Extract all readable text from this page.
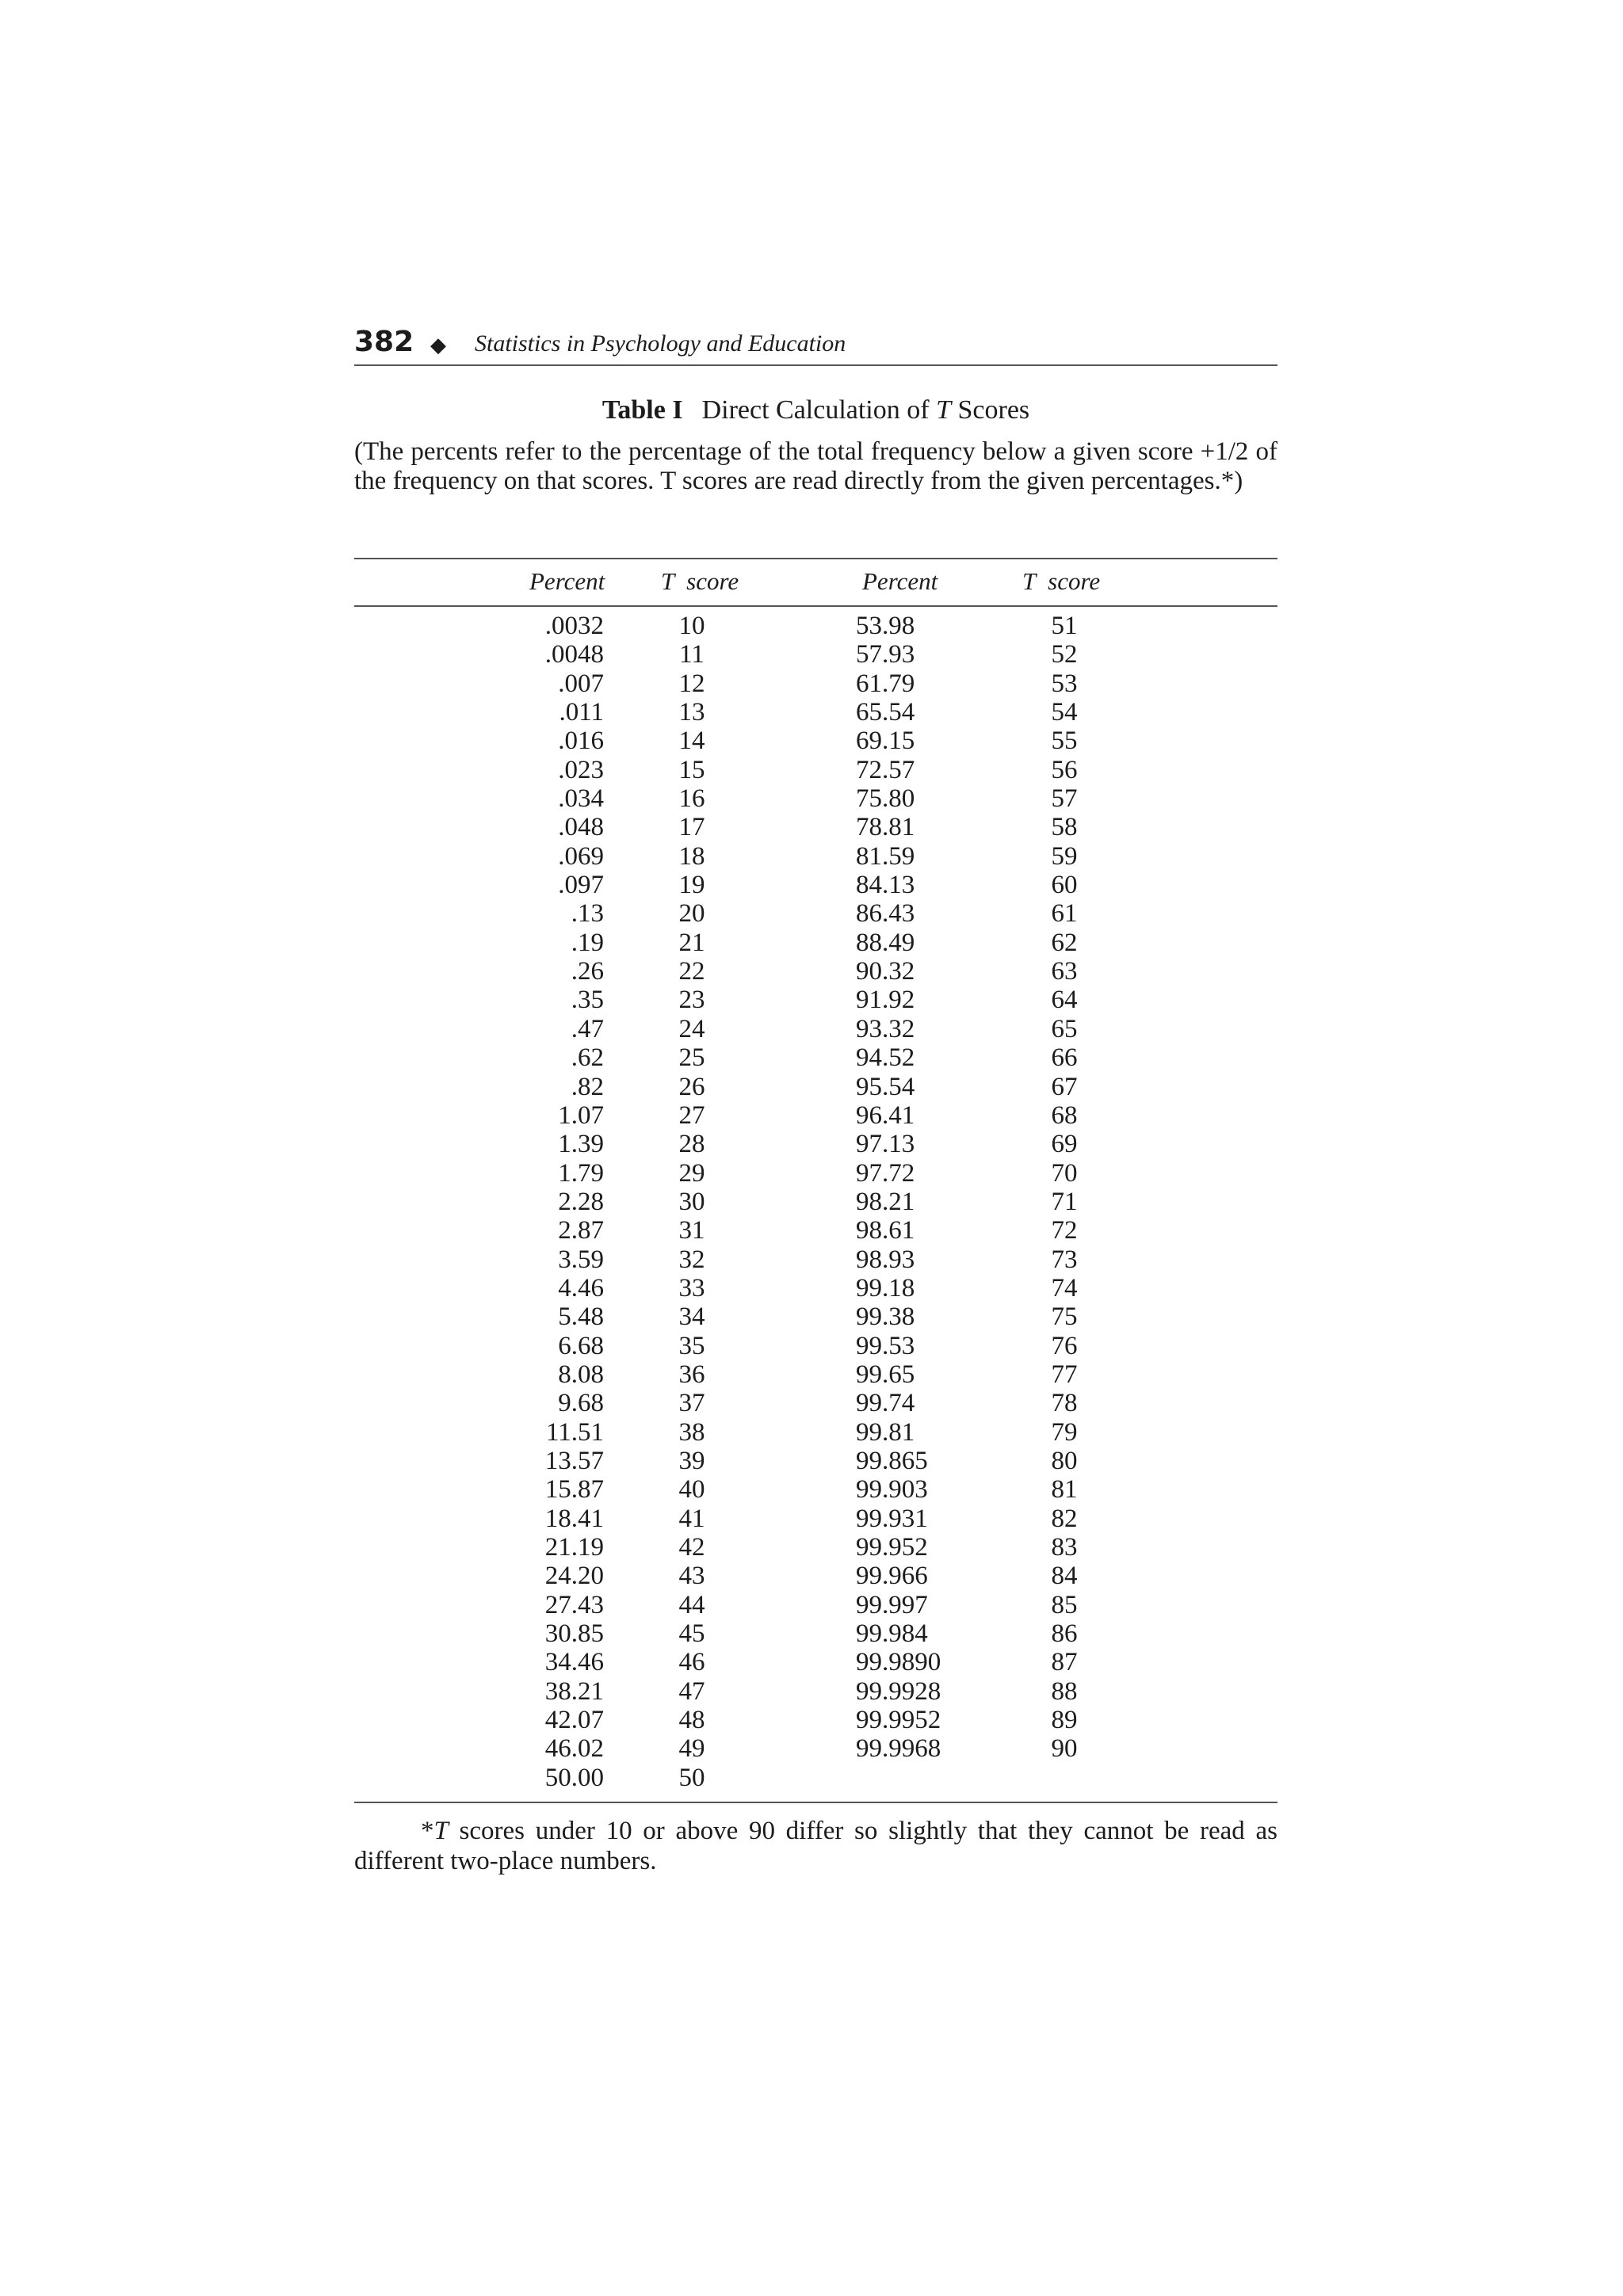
382 ◆ Statistics in Psychology and Education
Table I Direct Calculation of T Scores
(The percents refer to the percentage of the total frequency below a given score +1/2 of the frequency on that scores. T scores are read directly from the given percentages.*)
Percent T  score	Percent	T  score
.0032
.0048
.007
.011
.016
.023
.034
.048
.069
.097
.13
.19
.26
.35
.47
.62
.82
1.07
1.39
1.79
2.28
2.87
3.59
4.46
5.48
6.68
8.08
9.68
11.51
13.57
15.87
18.41
21.19
24.20
27.43
30.85
34.46
38.21
42.07
46.02
50.00
10
11
12
13
14
15
16
17
18
19
20
21
22
23
24
25
26
27
28
29
30
31
32
33
34
35
36
37
38
39
40
41
42
43
44
45
46
47
48
49
50
53.98
57.93
61.79
65.54
69.15
72.57
75.80
78.81
81.59
84.13
86.43
88.49
90.32
91.92
93.32
94.52
95.54
96.41
97.13
97.72
98.21
98.61
98.93
99.18
99.38
99.53
99.65
99.74
99.81
99.865
99.903
99.931
99.952
99.966
99.997
99.984
99.9890
99.9928
99.9952
99.9968
51
52
53
54
55
56
57
58
59
60
61
62
63
64
65
66
67
68
69
70
71
72
73
74
75
76
77
78
79
80
81
82
83
84
85
86
87
88
89
90
*T scores under 10 or above 90 differ so slightly that they cannot be read as different two-place numbers.
